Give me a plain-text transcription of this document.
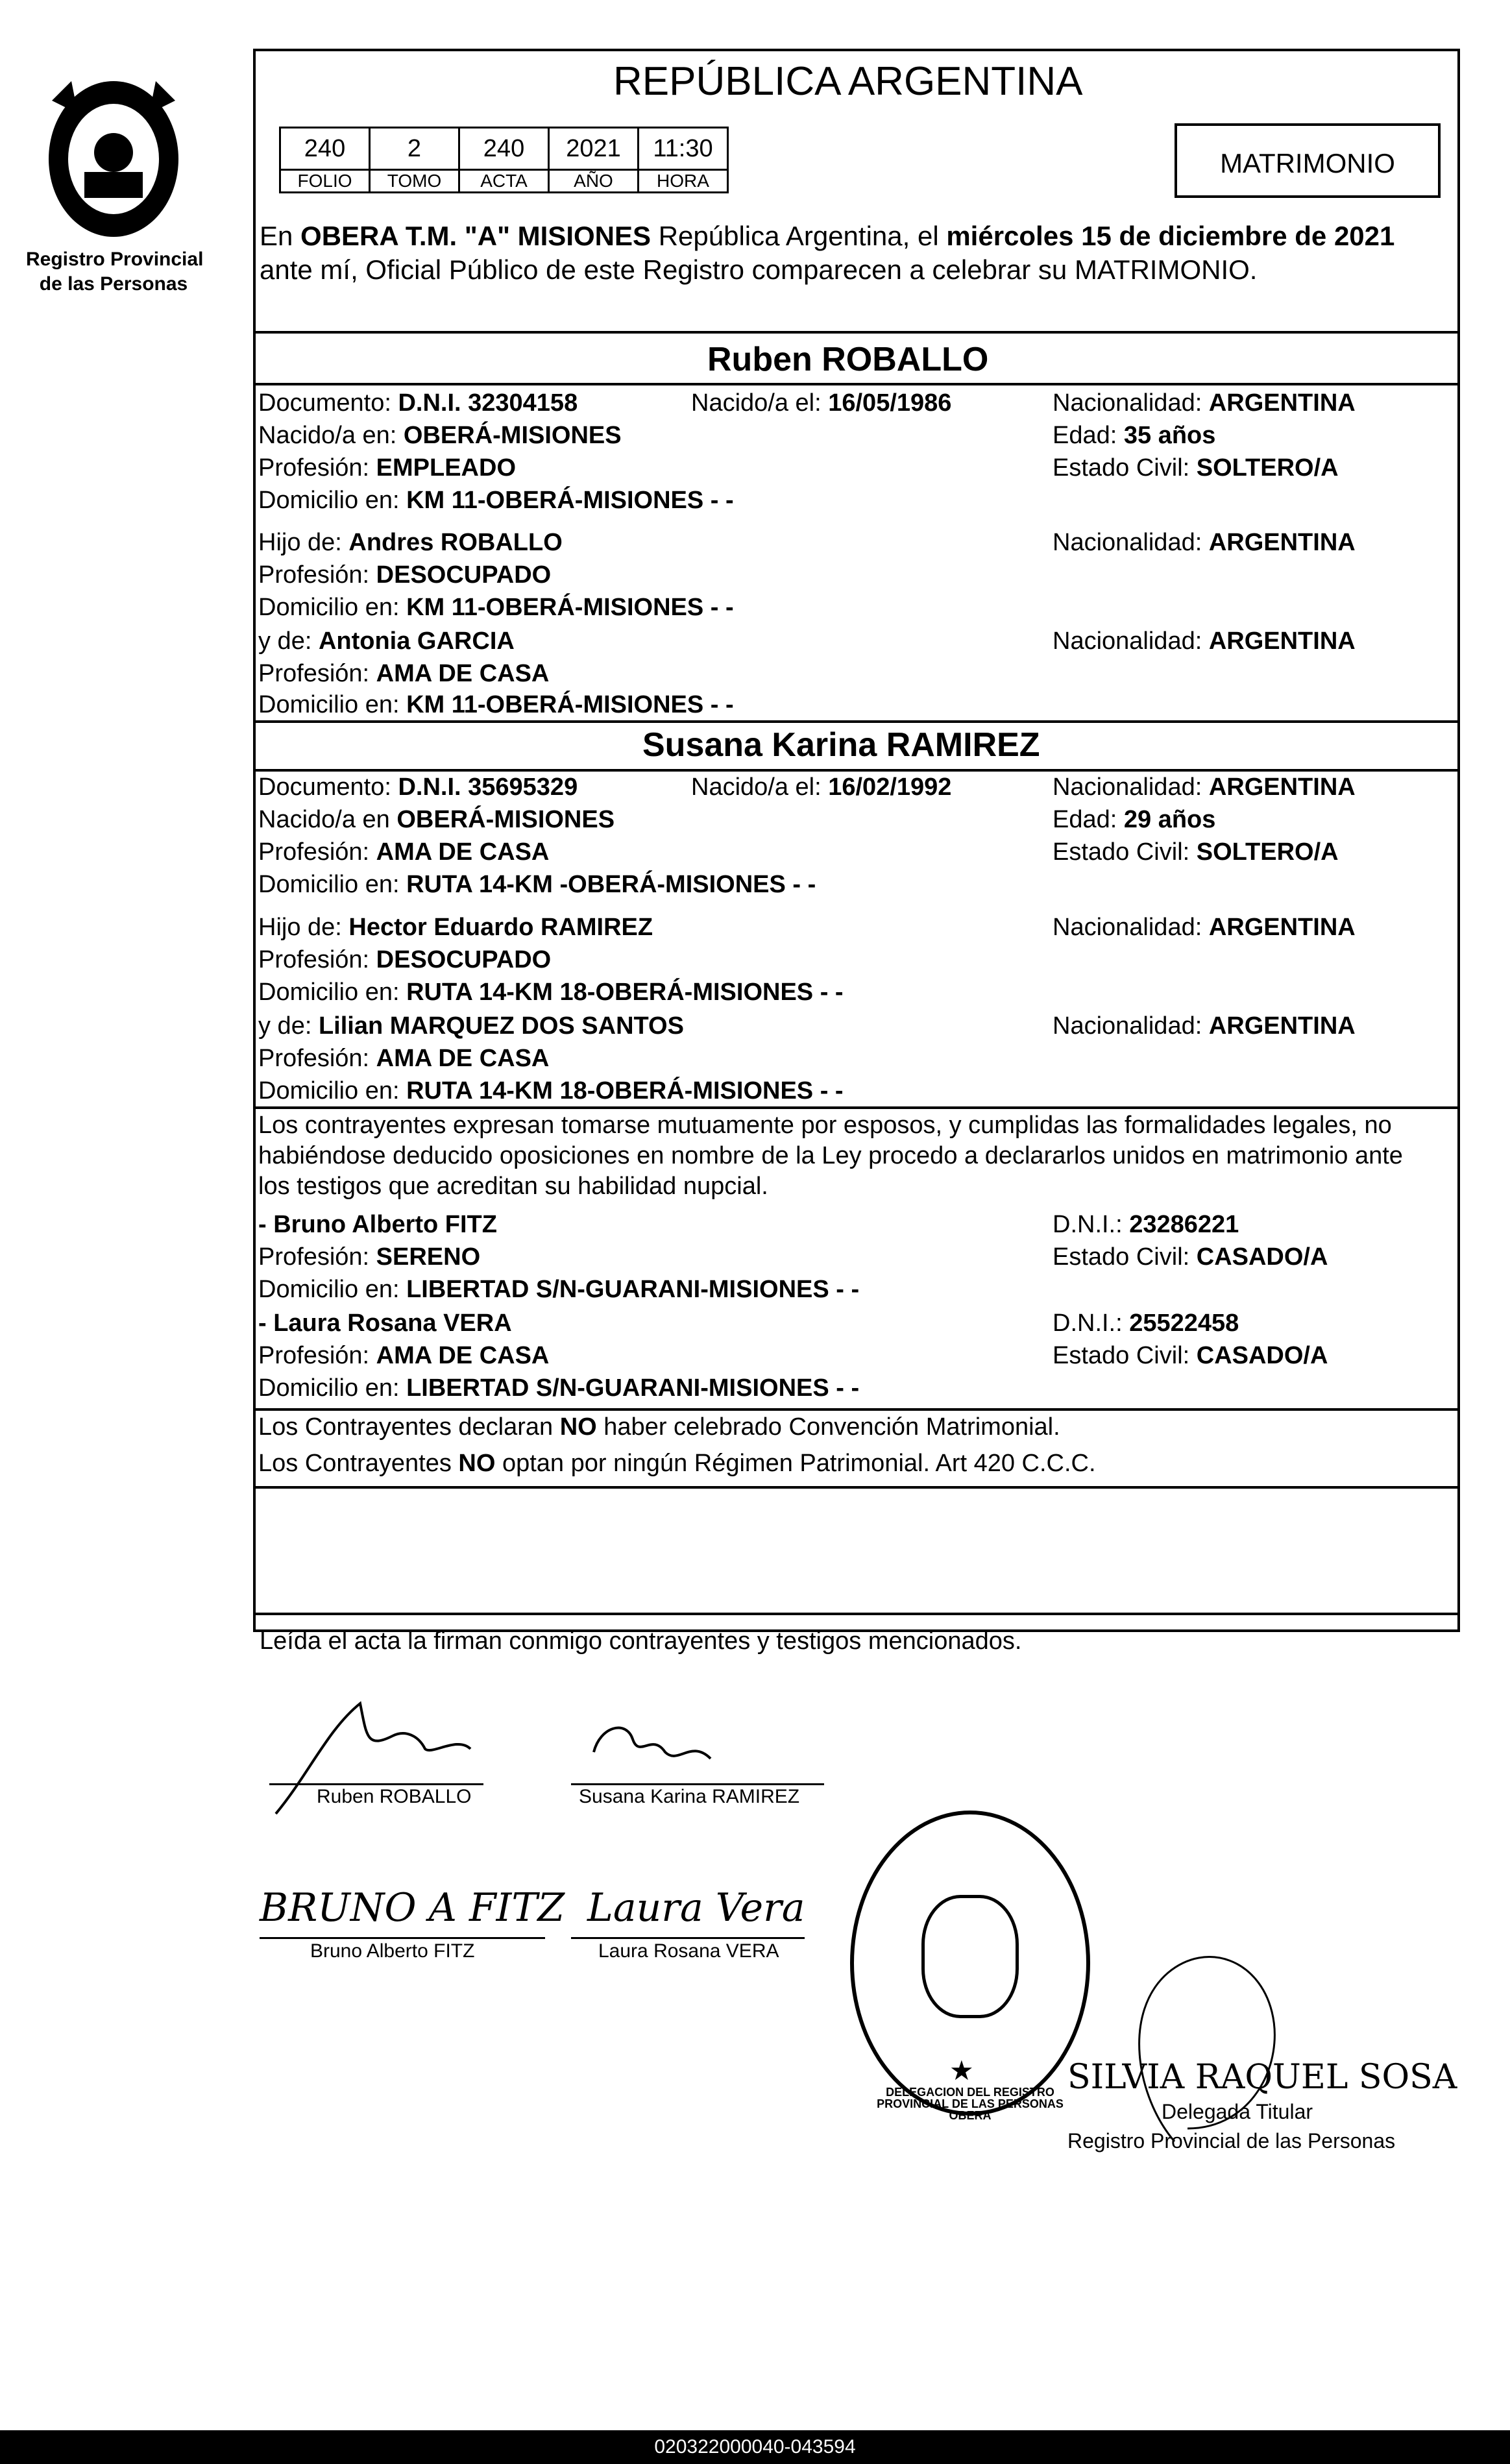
Registro Provincial
de las Personas
REPÚBLICA ARGENTINA
240	2	240	2021	11:30
FOLIO	TOMO	ACTA	AÑO	HORA
MATRIMONIO
En OBERA T.M. "A" MISIONES República Argentina, el miércoles 15 de diciembre de 2021
ante mí, Oficial Público de este Registro comparecen a celebrar su MATRIMONIO.
Ruben ROBALLO
Documento: D.N.I. 32304158	Nacido/a el: 16/05/1986	Nacionalidad: ARGENTINA
Nacido/a en: OBERÁ-MISIONES	Edad: 35 años
Profesión: EMPLEADO	Estado Civil: SOLTERO/A
Domicilio en: KM 11-OBERÁ-MISIONES - -
Hijo de: Andres ROBALLO	Nacionalidad: ARGENTINA
Profesión: DESOCUPADO
Domicilio en: KM 11-OBERÁ-MISIONES - -
y de: Antonia GARCIA	Nacionalidad: ARGENTINA
Profesión: AMA DE CASA
Domicilio en: KM 11-OBERÁ-MISIONES - -
Susana Karina RAMIREZ
Documento: D.N.I. 35695329	Nacido/a el: 16/02/1992	Nacionalidad: ARGENTINA
Nacido/a en OBERÁ-MISIONES	Edad: 29 años
Profesión: AMA DE CASA	Estado Civil: SOLTERO/A
Domicilio en: RUTA 14-KM -OBERÁ-MISIONES - -
Hijo de: Hector Eduardo RAMIREZ	Nacionalidad: ARGENTINA
Profesión: DESOCUPADO
Domicilio en: RUTA 14-KM 18-OBERÁ-MISIONES - -
y de: Lilian MARQUEZ DOS SANTOS	Nacionalidad: ARGENTINA
Profesión: AMA DE CASA
Domicilio en: RUTA 14-KM 18-OBERÁ-MISIONES - -
Los contrayentes expresan tomarse mutuamente por esposos, y cumplidas las formalidades legales, no
habiéndose deducido oposiciones en nombre de la Ley procedo a declararlos unidos en matrimonio ante
los testigos que acreditan su habilidad nupcial.
- Bruno Alberto FITZ	D.N.I.: 23286221
Profesión: SERENO	Estado Civil: CASADO/A
Domicilio en: LIBERTAD S/N-GUARANI-MISIONES - -
- Laura Rosana VERA	D.N.I.: 25522458
Profesión: AMA DE CASA	Estado Civil: CASADO/A
Domicilio en: LIBERTAD S/N-GUARANI-MISIONES - -
Los Contrayentes declaran NO haber celebrado Convención Matrimonial.
Los Contrayentes NO optan por ningún Régimen Patrimonial. Art 420 C.C.C.
Leída el acta la firman conmigo contrayentes y testigos mencionados.
Ruben ROBALLO	Susana Karina RAMIREZ
BRUNO A FITZ Laura Vera
Bruno Alberto FITZ	Laura Rosana VERA
DELEGACION DEL REGISTRO PROVINCIAL DE LAS PERSONAS OBERA
★	SILVIA RAQUEL SOSA
Delegada Titular
Registro Provincial de las Personas
020322000040-043594
